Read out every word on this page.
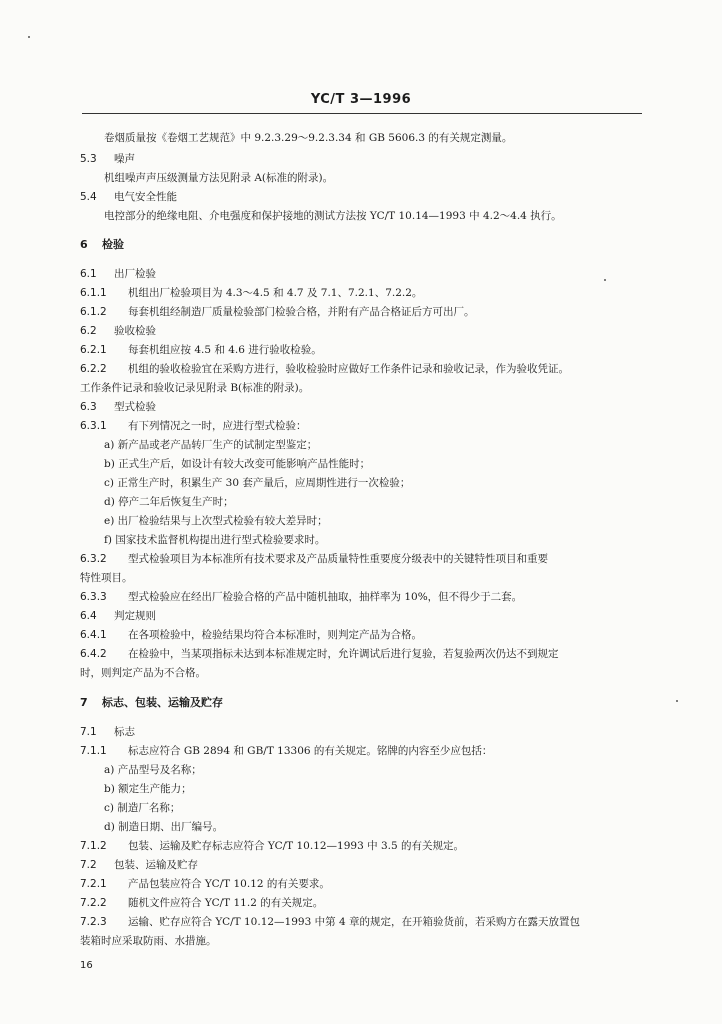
YC/T 3—1996
卷烟质量按《卷烟工艺规范》中 9.2.3.29～9.2.3.34 和 GB 5606.3 的有关规定测量。
5.3 噪声
机组噪声声压级测量方法见附录 A(标准的附录)。
5.4 电气安全性能
电控部分的绝缘电阻、介电强度和保护接地的测试方法按 YC/T 10.14—1993 中 4.2～4.4 执行。
6 检验
6.1 出厂检验
6.1.1 机组出厂检验项目为 4.3～4.5 和 4.7 及 7.1、7.2.1、7.2.2。
6.1.2 每套机组经制造厂质量检验部门检验合格，并附有产品合格证后方可出厂。
6.2 验收检验
6.2.1 每套机组应按 4.5 和 4.6 进行验收检验。
6.2.2 机组的验收检验宜在采购方进行，验收检验时应做好工作条件记录和验收记录，作为验收凭证。
工作条件记录和验收记录见附录 B(标准的附录)。
6.3 型式检验
6.3.1 有下列情况之一时，应进行型式检验：
a) 新产品或老产品转厂生产的试制定型鉴定；
b) 正式生产后，如设计有较大改变可能影响产品性能时；
c) 正常生产时，积累生产 30 套产量后，应周期性进行一次检验；
d) 停产二年后恢复生产时；
e) 出厂检验结果与上次型式检验有较大差异时；
f) 国家技术监督机构提出进行型式检验要求时。
6.3.2 型式检验项目为本标准所有技术要求及产品质量特性重要度分级表中的关键特性项目和重要
特性项目。
6.3.3 型式检验应在经出厂检验合格的产品中随机抽取，抽样率为 10%，但不得少于二套。
6.4 判定规则
6.4.1 在各项检验中，检验结果均符合本标准时，则判定产品为合格。
6.4.2 在检验中，当某项指标未达到本标准规定时，允许调试后进行复验，若复验两次仍达不到规定
时，则判定产品为不合格。
7 标志、包装、运输及贮存
7.1 标志
7.1.1 标志应符合 GB 2894 和 GB/T 13306 的有关规定。铭牌的内容至少应包括：
a) 产品型号及名称；
b) 额定生产能力；
c) 制造厂名称；
d) 制造日期、出厂编号。
7.1.2 包装、运输及贮存标志应符合 YC/T 10.12—1993 中 3.5 的有关规定。
7.2 包装、运输及贮存
7.2.1 产品包装应符合 YC/T 10.12 的有关要求。
7.2.2 随机文件应符合 YC/T 11.2 的有关规定。
7.2.3 运输、贮存应符合 YC/T 10.12—1993 中第 4 章的规定，在开箱验货前，若采购方在露天放置包
装箱时应采取防雨、水措施。
16
